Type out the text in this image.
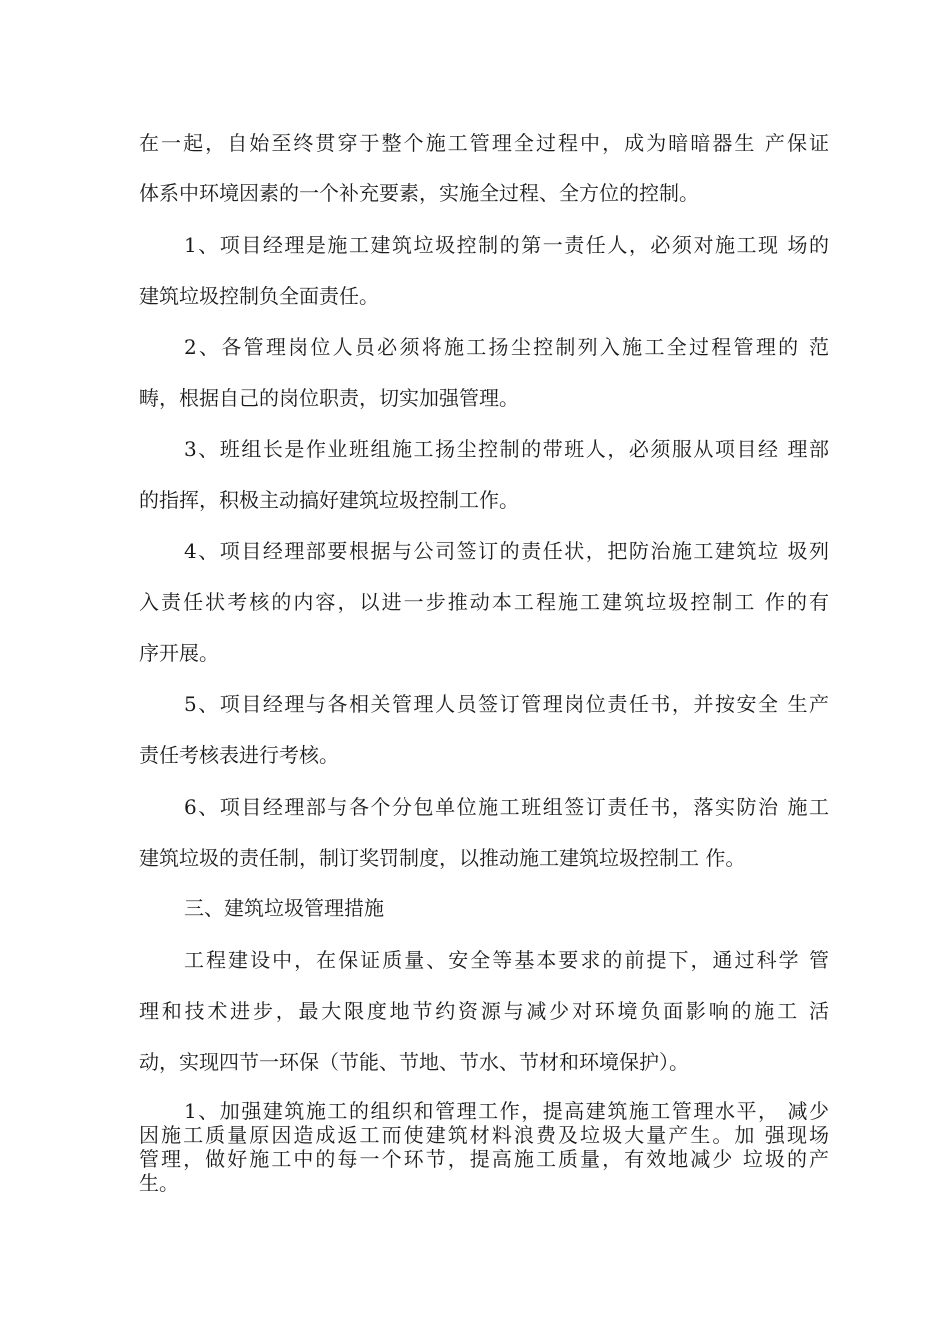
在一起，自始至终贯穿于整个施工管理全过程中，成为暗暗器生 产保证
体系中环境因素的一个补充要素，实施全过程、全方位的控制。
1、项目经理是施工建筑垃圾控制的第一责任人，必须对施工现 场的
建筑垃圾控制负全面责任。
2、各管理岗位人员必须将施工扬尘控制列入施工全过程管理的 范
畴，根据自己的岗位职责，切实加强管理。
3、班组长是作业班组施工扬尘控制的带班人，必须服从项目经 理部
的指挥，积极主动搞好建筑垃圾控制工作。
4、项目经理部要根据与公司签订的责任状，把防治施工建筑垃 圾列
入责任状考核的内容，以进一步推动本工程施工建筑垃圾控制工 作的有
序开展。
5、项目经理与各相关管理人员签订管理岗位责任书，并按安全 生产
责任考核表进行考核。
6、项目经理部与各个分包单位施工班组签订责任书，落实防治 施工
建筑垃圾的责任制，制订奖罚制度，以推动施工建筑垃圾控制工 作。
三、建筑垃圾管理措施
工程建设中，在保证质量、安全等基本要求的前提下，通过科学 管
理和技术进步，最大限度地节约资源与减少对环境负面影响的施工 活
动，实现四节一环保（节能、节地、节水、节材和环境保护）。
1、加强建筑施工的组织和管理工作，提高建筑施工管理水平， 减少
因施工质量原因造成返工而使建筑材料浪费及垃圾大量产生。加 强现场
管理，做好施工中的每一个环节，提高施工质量，有效地减少 垃圾的产
生。
